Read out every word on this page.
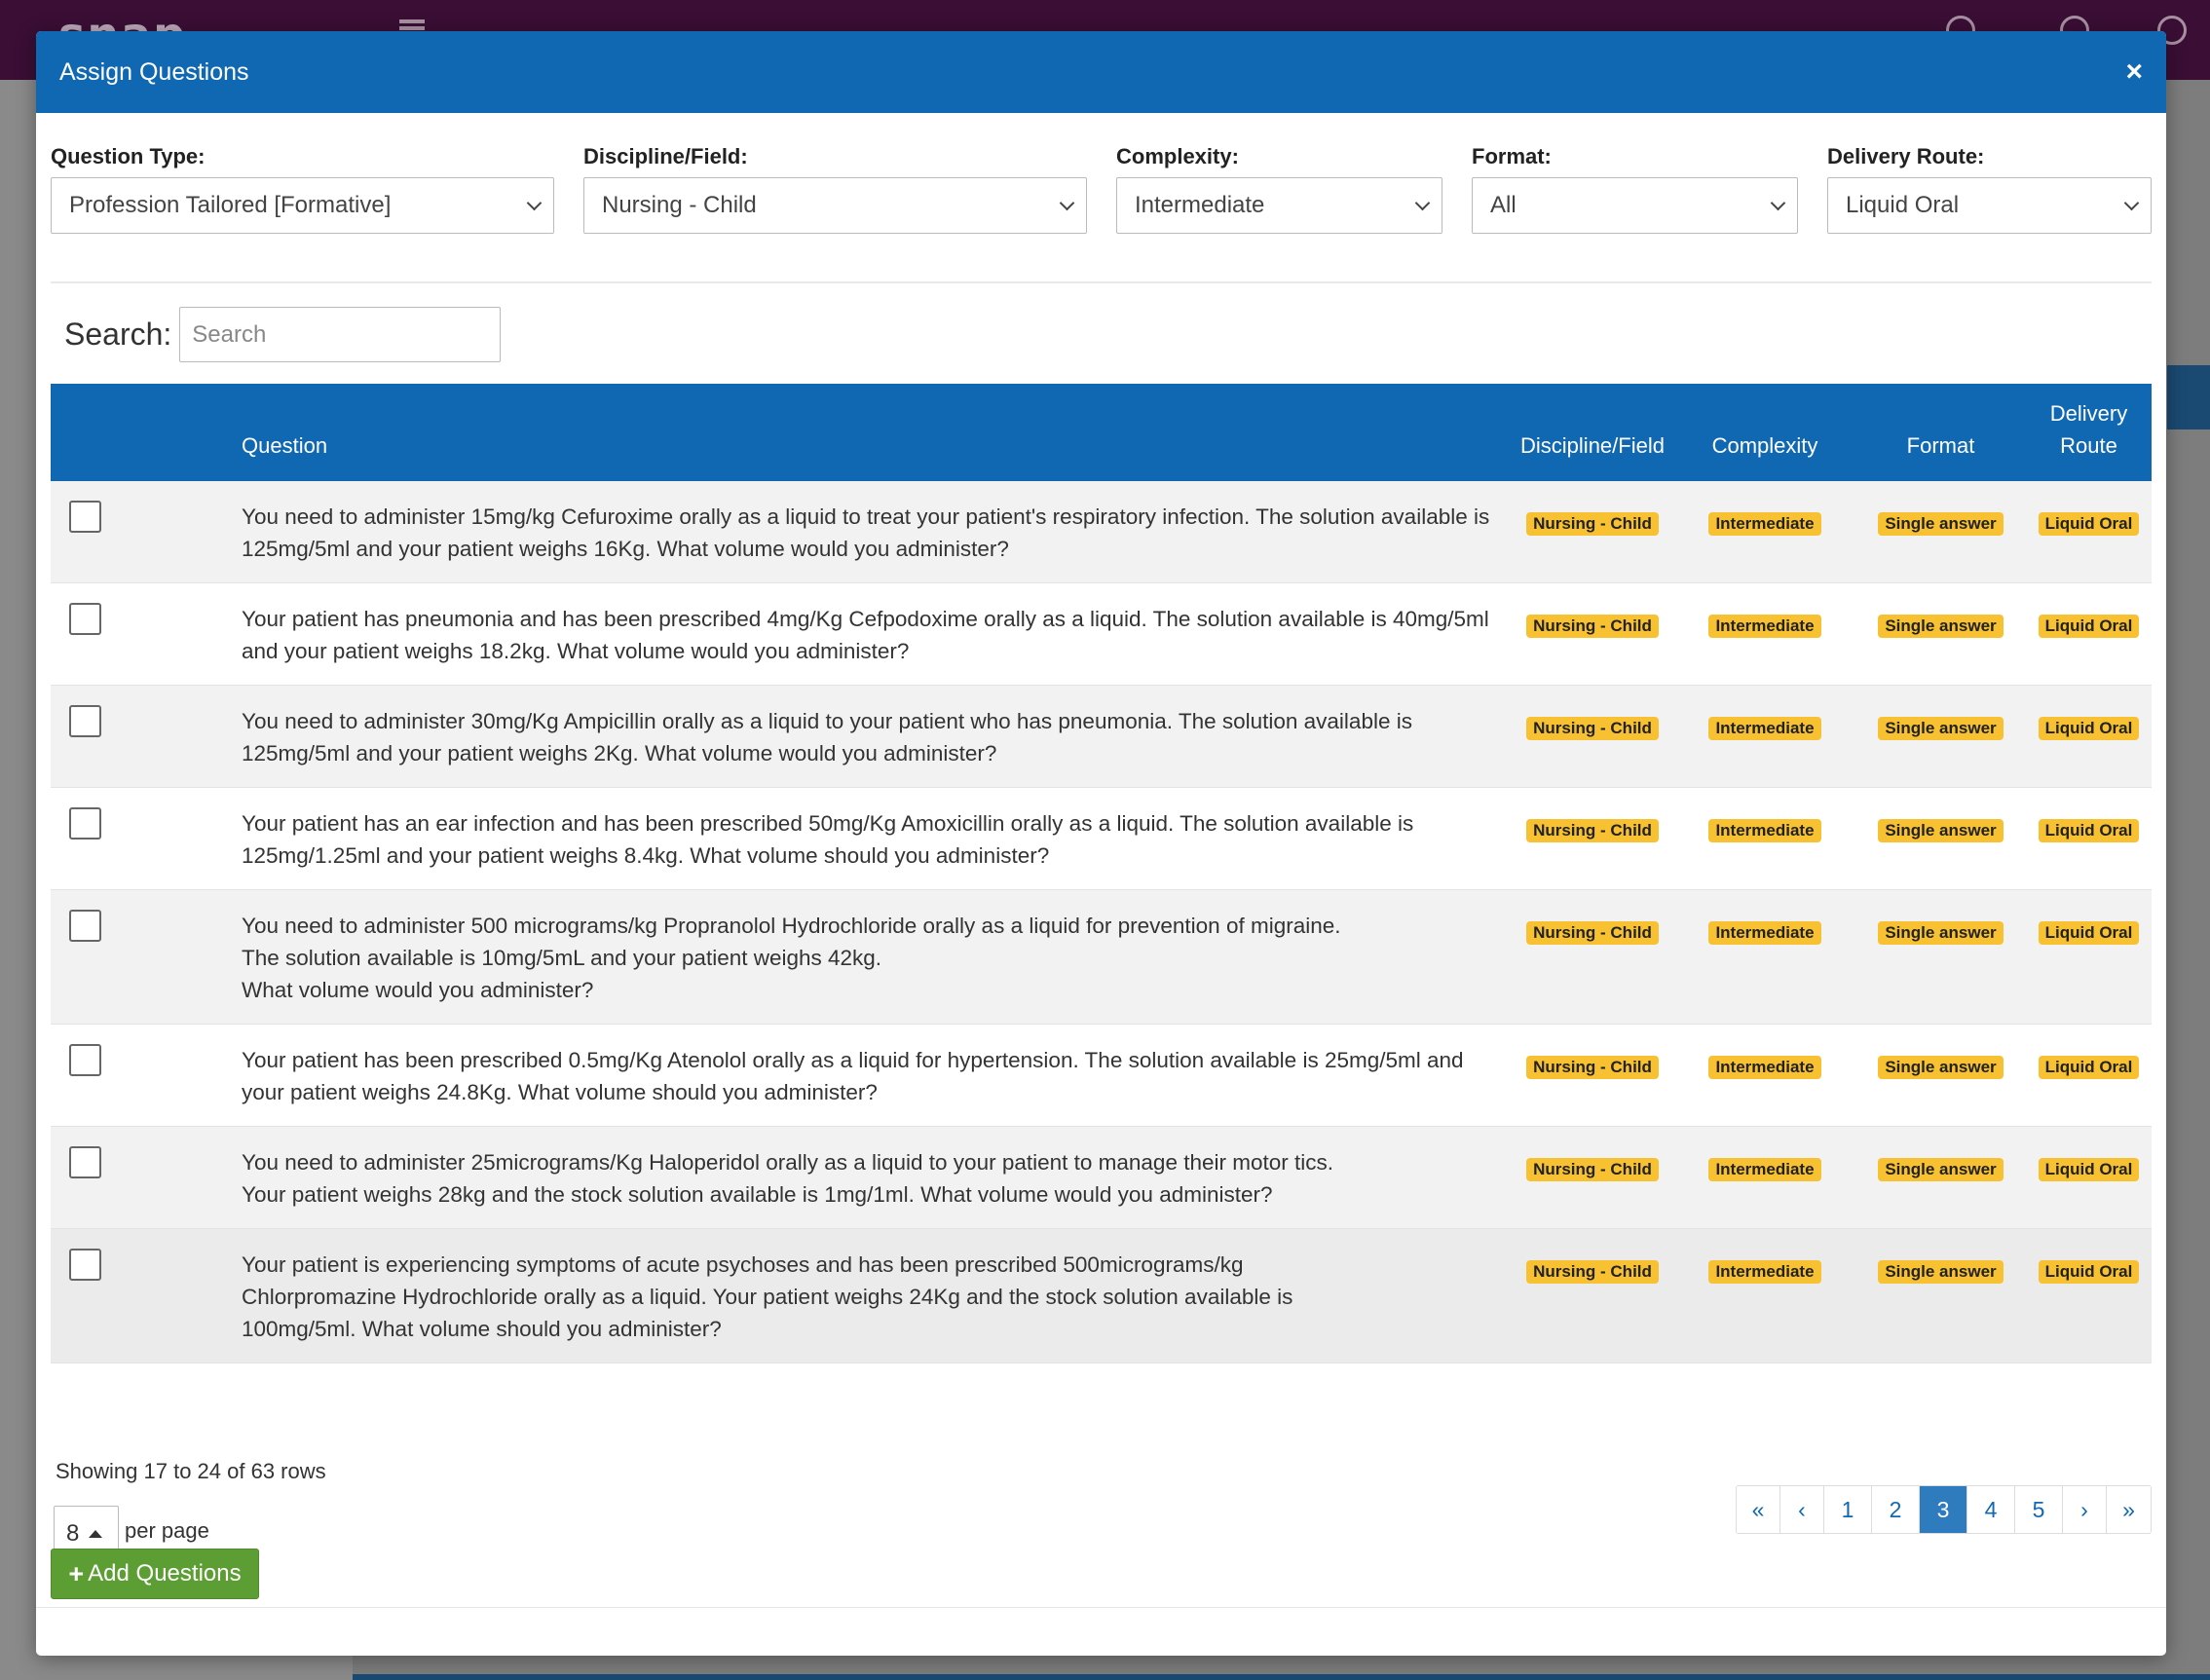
Assign Questions	×
Question Type:
Profession Tailored [Formative]
Discipline/Field:
Nursing - Child
Complexity:
Intermediate
Format:
All
Delivery Route:
Liquid Oral
Search:
Search
	Question	Discipline/Field	Complexity	Format	Delivery
Route

	You need to administer 15mg/kg Cefuroxime orally as a liquid to treat your patient's respiratory infection. The solution available is 125mg/5ml and your patient weighs 16Kg. What volume would you administer?	Nursing - Child	Intermediate	Single answer	Liquid Oral

	Your patient has pneumonia and has been prescribed 4mg/Kg Cefpodoxime orally as a liquid. The solution available is 40mg/5ml and your patient weighs 18.2kg. What volume would you administer?	Nursing - Child	Intermediate	Single answer	Liquid Oral

	You need to administer 30mg/Kg Ampicillin orally as a liquid to your patient who has pneumonia. The solution available is 125mg/5ml and your patient weighs 2Kg. What volume would you administer?	Nursing - Child	Intermediate	Single answer	Liquid Oral

	Your patient has an ear infection and has been prescribed 50mg/Kg Amoxicillin orally as a liquid. The solution available is 125mg/1.25ml and your patient weighs 8.4kg. What volume should you administer?	Nursing - Child	Intermediate	Single answer	Liquid Oral

	You need to administer 500 micrograms/kg Propranolol Hydrochloride orally as a liquid for prevention of migraine.
The solution available is 10mg/5mL and your patient weighs 42kg.
What volume would you administer?	Nursing - Child	Intermediate	Single answer	Liquid Oral

	Your patient has been prescribed 0.5mg/Kg Atenolol orally as a liquid for hypertension. The solution available is 25mg/5ml and your patient weighs 24.8Kg. What volume should you administer?	Nursing - Child	Intermediate	Single answer	Liquid Oral

	You need to administer 25micrograms/Kg Haloperidol orally as a liquid to your patient to manage their motor tics.
Your patient weighs 28kg and the stock solution available is 1mg/1ml. What volume would you administer?	Nursing - Child	Intermediate	Single answer	Liquid Oral

	Your patient is experiencing symptoms of acute psychoses and has been prescribed 500micrograms/kg
Chlorpromazine Hydrochloride orally as a liquid. Your patient weighs 24Kg and the stock solution available is
100mg/5ml. What volume should you administer?	Nursing - Child	Intermediate	Single answer	Liquid Oral
Showing 17 to 24 of 63 rows
8 per page
«	‹	1	2	3	4	5	›	»
+ Add Questions
